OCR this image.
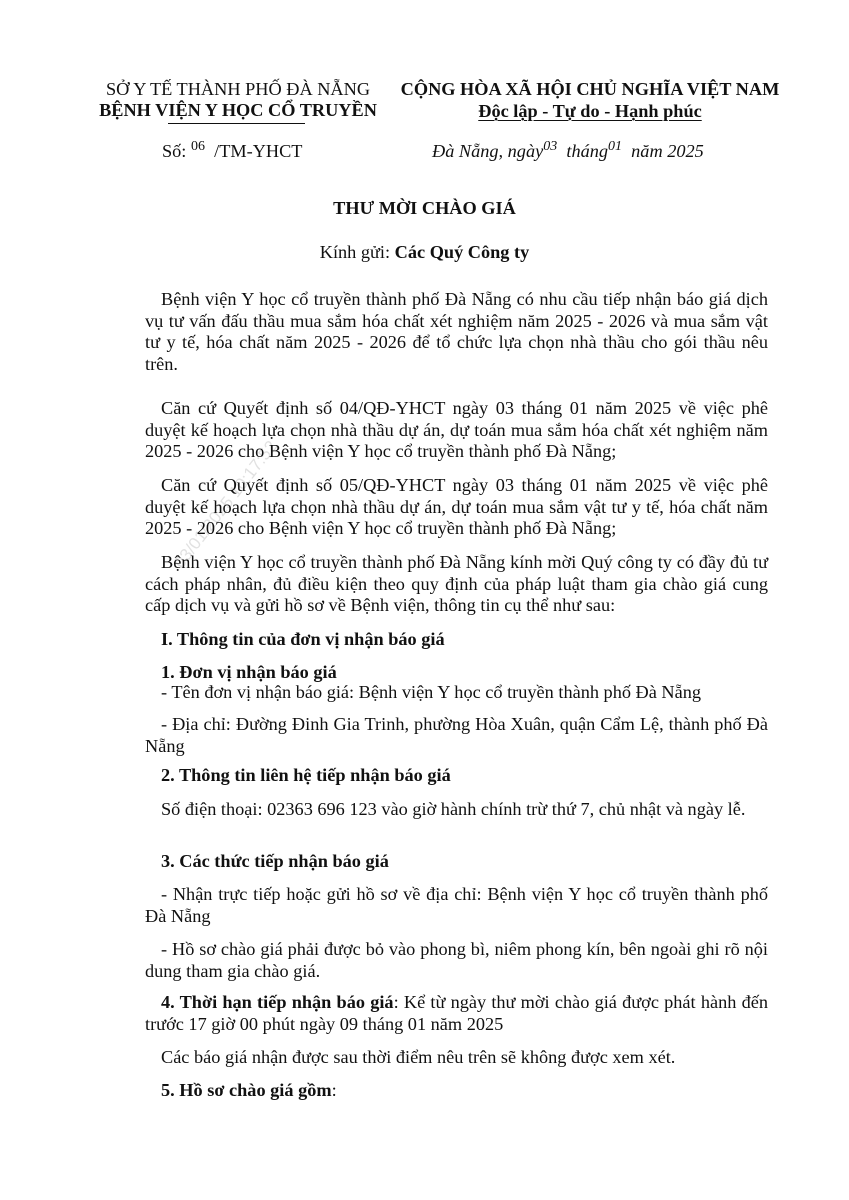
03/01/2025 10:17:52
SỞ Y TẾ THÀNH PHỐ ĐÀ NẴNG
BỆNH VIỆN Y HỌC CỔ TRUYỀN
CỘNG HÒA XÃ HỘI CHỦ NGHĨA VIỆT NAM
Độc lập - Tự do - Hạnh phúc
Số: $^{06}$ /TM-YHCT	Đà Nẵng, ngày$^{03}$ tháng$^{01}$ năm 2025
THƯ MỜI CHÀO GIÁ
Kính gửi: Các Quý Công ty
Bệnh viện Y học cổ truyền thành phố Đà Nẵng có nhu cầu tiếp nhận báo giá dịch vụ tư vấn đấu thầu mua sắm hóa chất xét nghiệm năm 2025 - 2026 và mua sắm vật tư y tế, hóa chất năm 2025 - 2026 để tổ chức lựa chọn nhà thầu cho gói thầu nêu trên.
Căn cứ Quyết định số 04/QĐ-YHCT ngày 03 tháng 01 năm 2025 về việc phê duyệt kế hoạch lựa chọn nhà thầu dự án, dự toán mua sắm hóa chất xét nghiệm năm 2025 - 2026 cho Bệnh viện Y học cổ truyền thành phố Đà Nẵng;
Căn cứ Quyết định số 05/QĐ-YHCT ngày 03 tháng 01 năm 2025 về việc phê duyệt kế hoạch lựa chọn nhà thầu dự án, dự toán mua sắm vật tư y tế, hóa chất năm 2025 - 2026 cho Bệnh viện Y học cổ truyền thành phố Đà Nẵng;
Bệnh viện Y học cổ truyền thành phố Đà Nẵng kính mời Quý công ty có đầy đủ tư cách pháp nhân, đủ điều kiện theo quy định của pháp luật tham gia chào giá cung cấp dịch vụ và gửi hồ sơ về Bệnh viện, thông tin cụ thể như sau:
I. Thông tin của đơn vị nhận báo giá
1. Đơn vị nhận báo giá
- Tên đơn vị nhận báo giá: Bệnh viện Y học cổ truyền thành phố Đà Nẵng
- Địa chỉ: Đường Đinh Gia Trinh, phường Hòa Xuân, quận Cẩm Lệ, thành phố Đà Nẵng
2. Thông tin liên hệ tiếp nhận báo giá
Số điện thoại: 02363 696 123 vào giờ hành chính trừ thứ 7, chủ nhật và ngày lễ.
3. Các thức tiếp nhận báo giá
- Nhận trực tiếp hoặc gửi hồ sơ về địa chỉ: Bệnh viện Y học cổ truyền thành phố Đà Nẵng
- Hồ sơ chào giá phải được bỏ vào phong bì, niêm phong kín, bên ngoài ghi rõ nội dung tham gia chào giá.
4. Thời hạn tiếp nhận báo giá: Kể từ ngày thư mời chào giá được phát hành đến trước 17 giờ 00 phút ngày 09 tháng 01 năm 2025
Các báo giá nhận được sau thời điểm nêu trên sẽ không được xem xét.
5. Hồ sơ chào giá gồm:
